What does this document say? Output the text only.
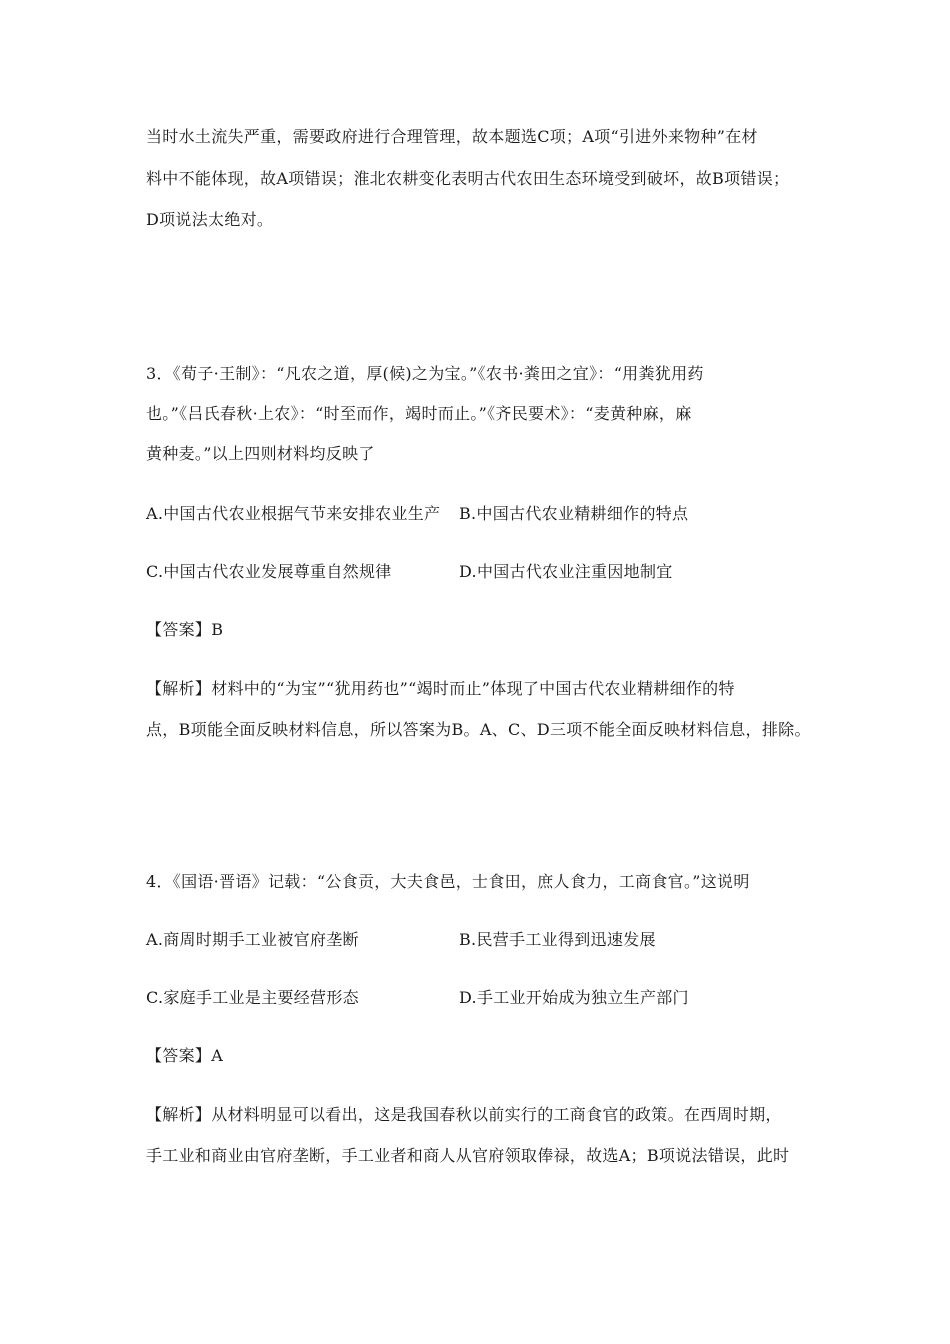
当时水土流失严重，需要政府进行合理管理，故本题选C项；A项“引进外来物种”在材
料中不能体现，故A项错误；淮北农耕变化表明古代农田生态环境受到破坏，故B项错误；
D项说法太绝对。
3．《荀子·王制》：“凡农之道，厚(候)之为宝。”《农书·粪田之宜》：“用粪犹用药
也。”《吕氏春秋·上农》：“时至而作，竭时而止。”《齐民要术》：“麦黄种麻，麻
黄种麦。”以上四则材料均反映了
A.中国古代农业根据气节来安排农业生产 B.中国古代农业精耕细作的特点
C.中国古代农业发展尊重自然规律	D.中国古代农业注重因地制宜
【答案】B
【解析】材料中的“为宝”“犹用药也”“竭时而止”体现了中国古代农业精耕细作的特
点，B项能全面反映材料信息，所以答案为B。A、C、D三项不能全面反映材料信息，排除。
4．《国语·晋语》记载：“公食贡，大夫食邑，士食田，庶人食力，工商食官。”这说明
A.商周时期手工业被官府垄断	B.民营手工业得到迅速发展
C.家庭手工业是主要经营形态	D.手工业开始成为独立生产部门
【答案】A
【解析】从材料明显可以看出，这是我国春秋以前实行的工商食官的政策。在西周时期，
手工业和商业由官府垄断，手工业者和商人从官府领取俸禄，故选A；B项说法错误，此时
